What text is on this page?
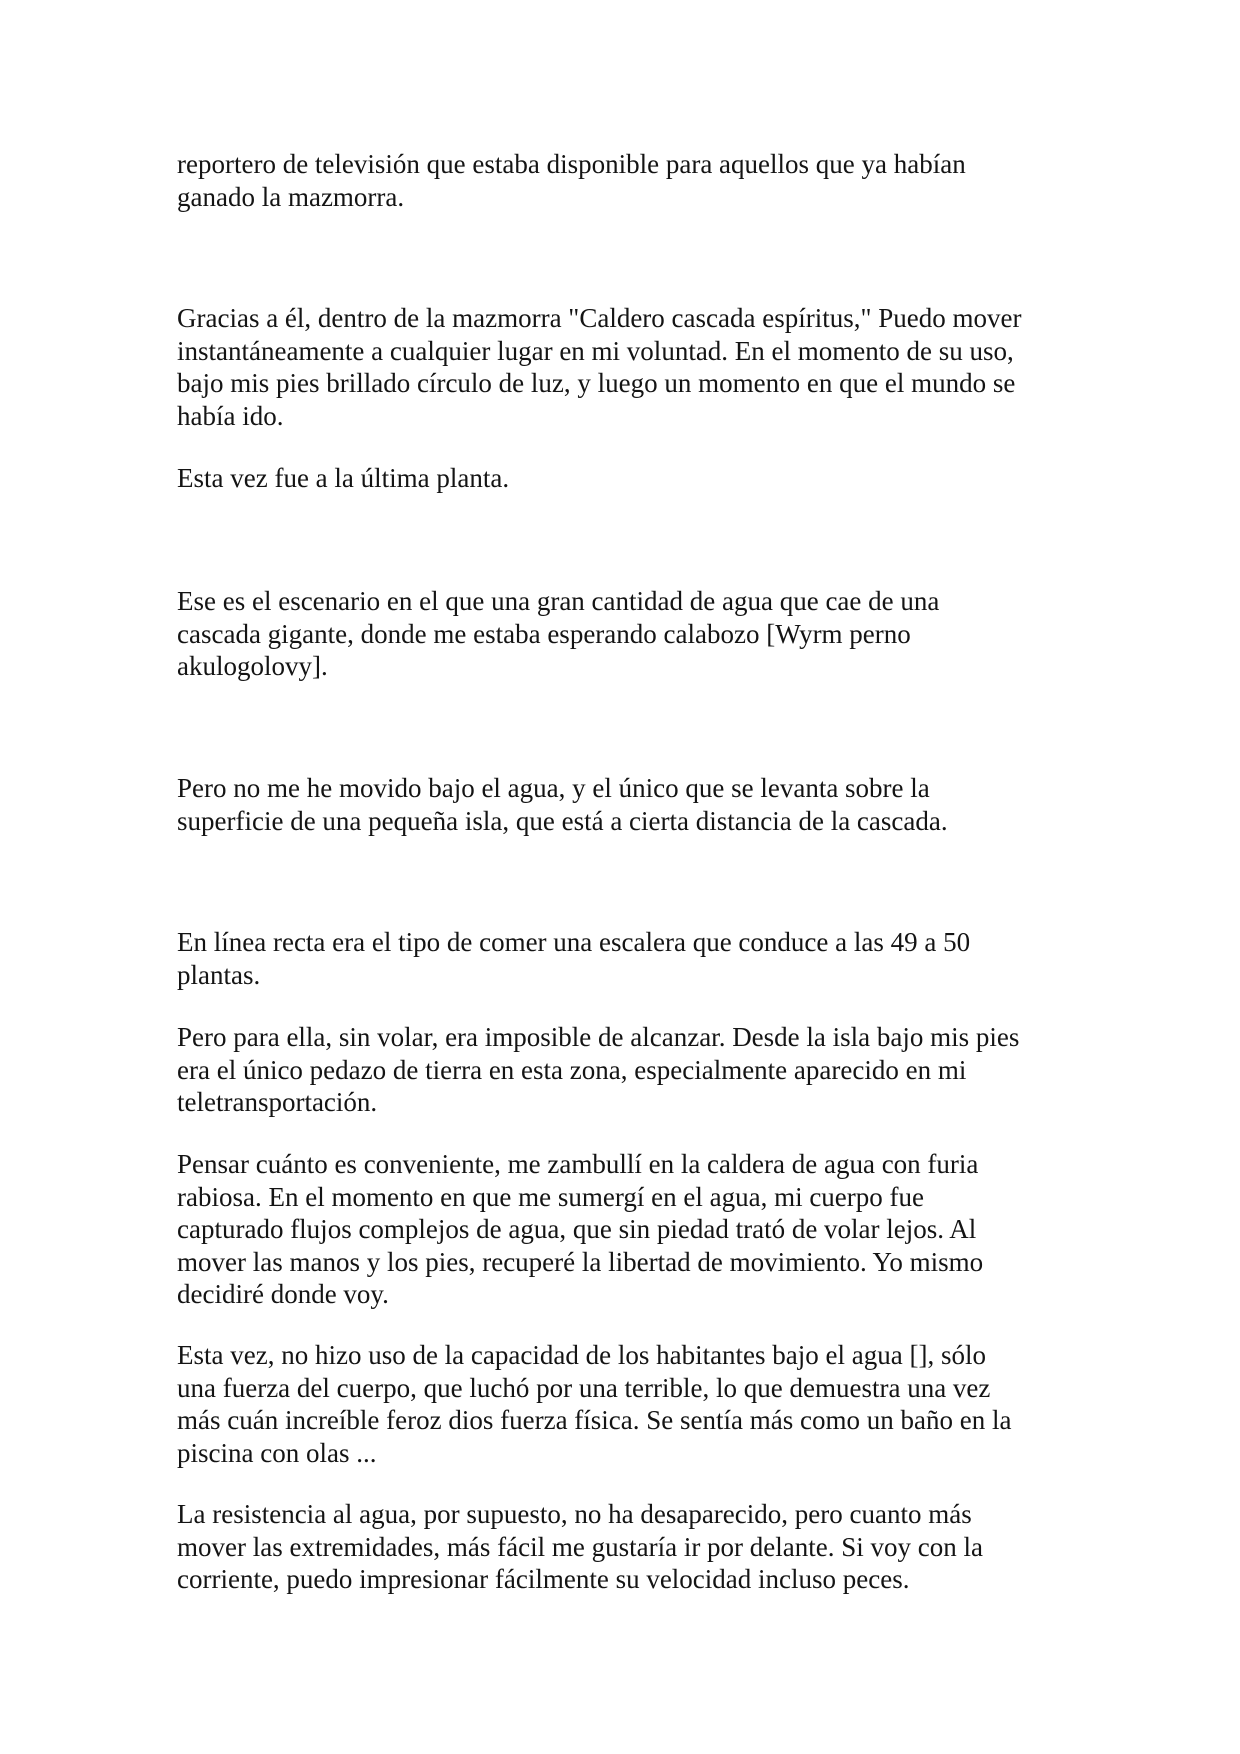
reportero de televisión que estaba disponible para aquellos que ya habían
ganado la mazmorra.

Gracias a él, dentro de la mazmorra "Caldero cascada espíritus," Puedo mover
instantáneamente a cualquier lugar en mi voluntad. En el momento de su uso,
bajo mis pies brillado círculo de luz, y luego un momento en que el mundo se
había ido.

Esta vez fue a la última planta.

Ese es el escenario en el que una gran cantidad de agua que cae de una
cascada gigante, donde me estaba esperando calabozo [Wyrm perno
akulogolovy].

Pero no me he movido bajo el agua, y el único que se levanta sobre la
superficie de una pequeña isla, que está a cierta distancia de la cascada.

En línea recta era el tipo de comer una escalera que conduce a las 49 a 50
plantas.

Pero para ella, sin volar, era imposible de alcanzar. Desde la isla bajo mis pies
era el único pedazo de tierra en esta zona, especialmente aparecido en mi
teletransportación.

Pensar cuánto es conveniente, me zambullí en la caldera de agua con furia
rabiosa. En el momento en que me sumergí en el agua, mi cuerpo fue
capturado flujos complejos de agua, que sin piedad trató de volar lejos. Al
mover las manos y los pies, recuperé la libertad de movimiento. Yo mismo
decidiré donde voy.

Esta vez, no hizo uso de la capacidad de los habitantes bajo el agua [], sólo
una fuerza del cuerpo, que luchó por una terrible, lo que demuestra una vez
más cuán increíble feroz dios fuerza física. Se sentía más como un baño en la
piscina con olas ...

La resistencia al agua, por supuesto, no ha desaparecido, pero cuanto más
mover las extremidades, más fácil me gustaría ir por delante. Si voy con la
corriente, puedo impresionar fácilmente su velocidad incluso peces.
